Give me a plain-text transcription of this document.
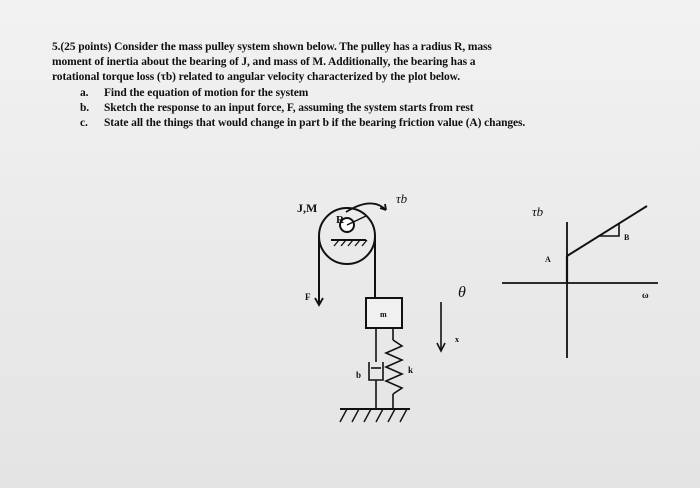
5.(25 points) Consider the mass pulley system shown below. The pulley has a radius R, mass

moment of inertia about the bearing of J, and mass of M. Additionally, the bearing has a

rotational torque loss (τb) related to angular velocity characterized by the plot below.

a.	Find the equation of motion for the system
b.	Sketch the response to an input force, F, assuming the system starts from rest
c.	State all the things that would change in part b if the bearing friction value (A) changes.
J,M
R
τb
F
m
b	k
θ
x
τb
B
A
ω
